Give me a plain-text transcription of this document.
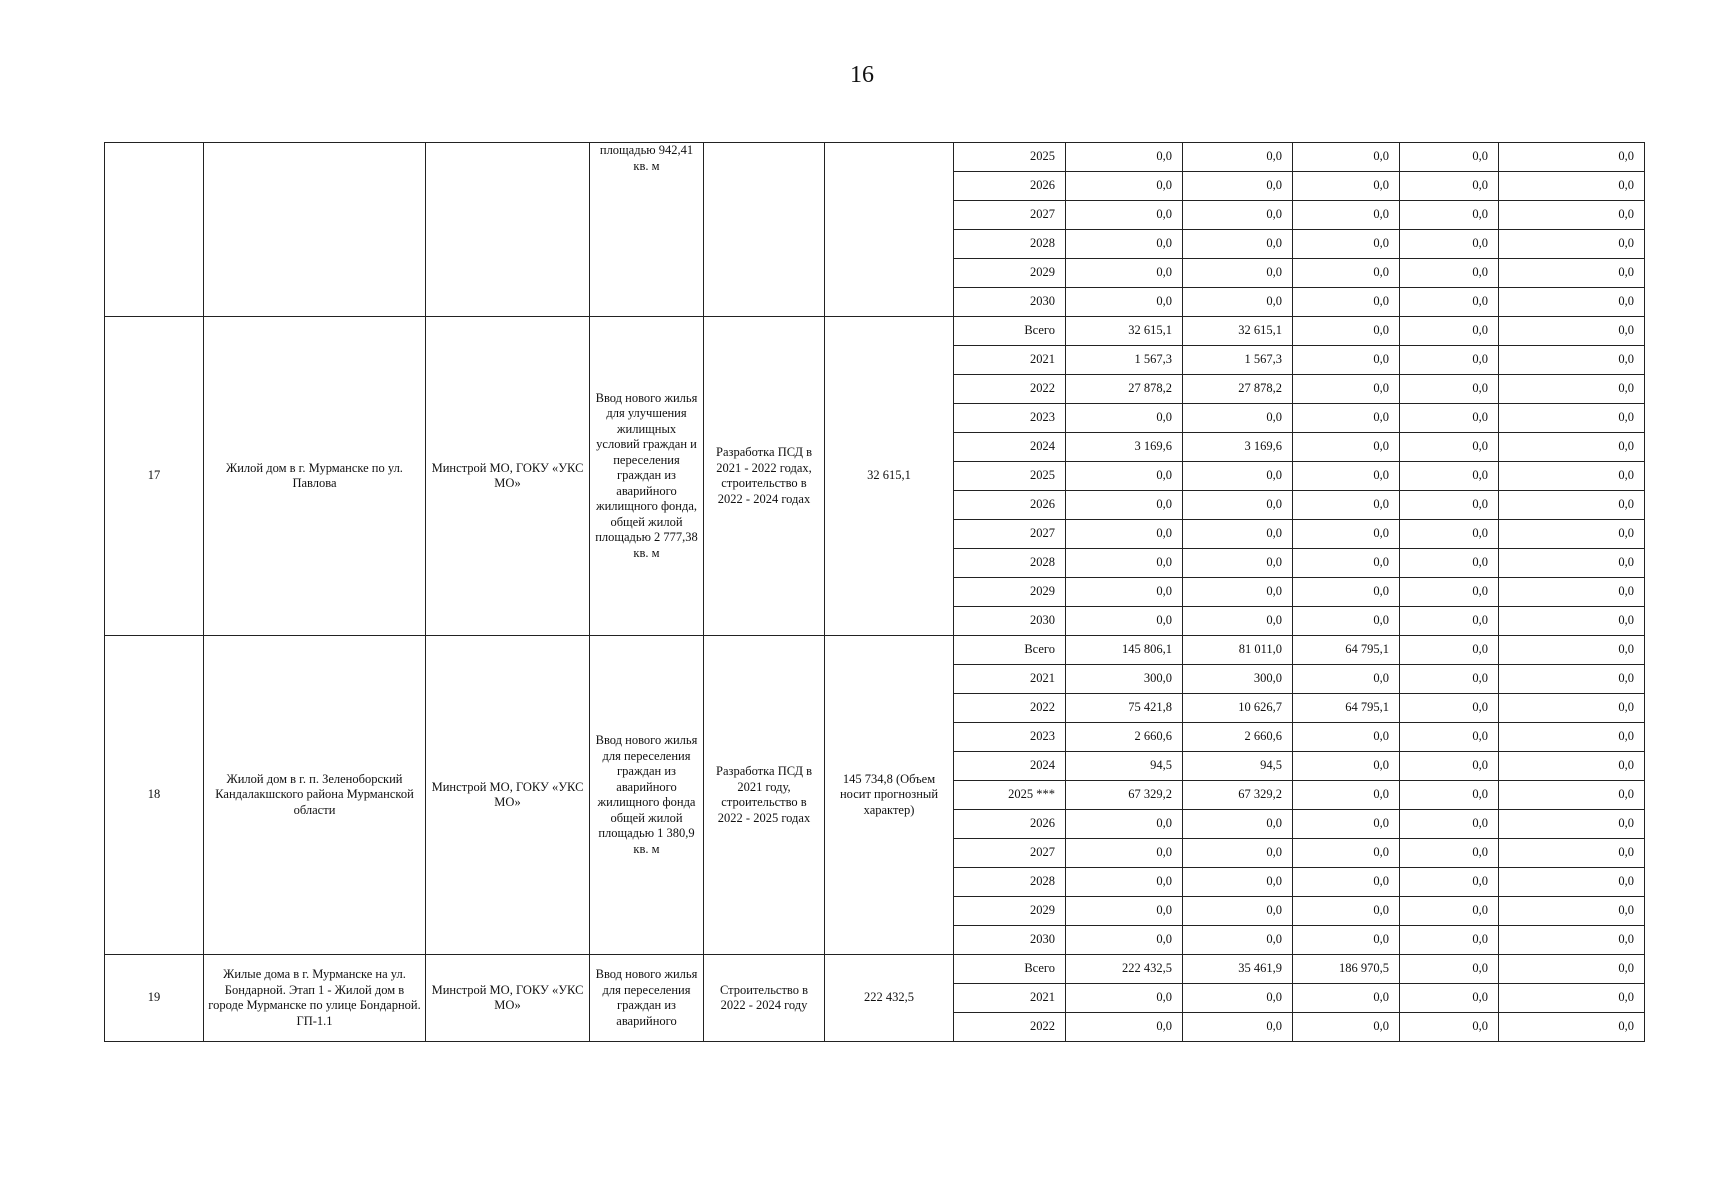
16
			площадью 942,41 кв. м			2025	0,0	0,0	0,0	0,0	0,0
						2026	0,0	0,0	0,0	0,0	0,0
						2027	0,0	0,0	0,0	0,0	0,0
						2028	0,0	0,0	0,0	0,0	0,0
						2029	0,0	0,0	0,0	0,0	0,0
						2030	0,0	0,0	0,0	0,0	0,0
17	Жилой дом в г. Мурманске по ул. Павлова	Минстрой МО, ГОКУ «УКС МО»	Ввод нового жилья для улучшения жилищных условий граждан и переселения граждан из аварийного жилищного фонда, общей жилой площадью 2 777,38 кв. м	Разработка ПСД в 2021 - 2022 годах, строительство в 2022 - 2024 годах	32 615,1	Всего	32 615,1	32 615,1	0,0	0,0	0,0
						2021	1 567,3	1 567,3	0,0	0,0	0,0
						2022	27 878,2	27 878,2	0,0	0,0	0,0
						2023	0,0	0,0	0,0	0,0	0,0
						2024	3 169,6	3 169,6	0,0	0,0	0,0
						2025	0,0	0,0	0,0	0,0	0,0
						2026	0,0	0,0	0,0	0,0	0,0
						2027	0,0	0,0	0,0	0,0	0,0
						2028	0,0	0,0	0,0	0,0	0,0
						2029	0,0	0,0	0,0	0,0	0,0
						2030	0,0	0,0	0,0	0,0	0,0
18	Жилой дом в г. п. Зеленоборский Кандалакшского района Мурманской области	Минстрой МО, ГОКУ «УКС МО»	Ввод нового жилья для переселения граждан из аварийного жилищного фонда общей жилой площадью 1 380,9 кв. м	Разработка ПСД в 2021 году, строительство в 2022 - 2025 годах	145 734,8 (Объем носит прогнозный характер)	Всего	145 806,1	81 011,0	64 795,1	0,0	0,0
						2021	300,0	300,0	0,0	0,0	0,0
						2022	75 421,8	10 626,7	64 795,1	0,0	0,0
						2023	2 660,6	2 660,6	0,0	0,0	0,0
						2024	94,5	94,5	0,0	0,0	0,0
						2025 ***	67 329,2	67 329,2	0,0	0,0	0,0
						2026	0,0	0,0	0,0	0,0	0,0
						2027	0,0	0,0	0,0	0,0	0,0
						2028	0,0	0,0	0,0	0,0	0,0
						2029	0,0	0,0	0,0	0,0	0,0
						2030	0,0	0,0	0,0	0,0	0,0
19	Жилые дома в г. Мурманске на ул. Бондарной. Этап 1 - Жилой дом в городе Мурманске по улице Бондарной. ГП-1.1	Минстрой МО, ГОКУ «УКС МО»	Ввод нового жилья для переселения граждан из аварийного	Строительство в 2022 - 2024 году	222 432,5	Всего	222 432,5	35 461,9	186 970,5	0,0	0,0
						2021	0,0	0,0	0,0	0,0	0,0
						2022	0,0	0,0	0,0	0,0	0,0
